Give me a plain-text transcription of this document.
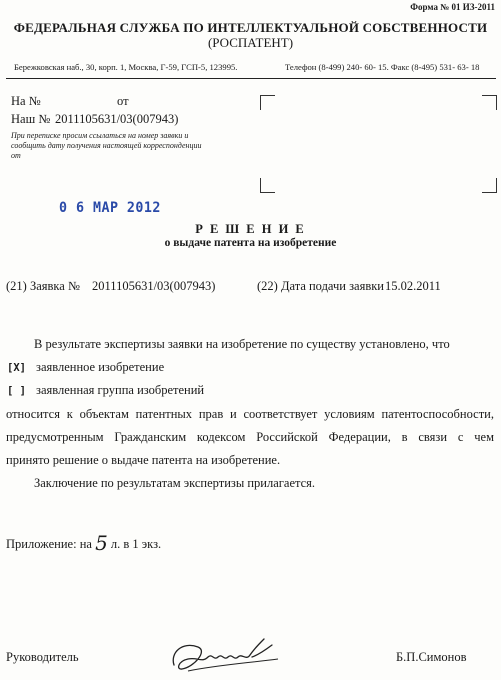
Форма № 01 ИЗ-2011
ФЕДЕРАЛЬНАЯ СЛУЖБА ПО ИНТЕЛЛЕКТУАЛЬНОЙ СОБСТВЕННОСТИ
(РОСПАТЕНТ)
Бережковская наб., 30, корп. 1, Москва, Г-59, ГСП-5, 123995.	Телефон (8-499) 240- 60- 15. Факс (8-495) 531- 63- 18
На №	от
Наш № 2011105631/03(007943)
При переписке просим ссылаться на номер заявки и сообщить дату получения настоящей корреспонденции от
0 6 MAP 2012
Р Е Ш Е Н И Е
о выдаче патента на изобретение
(21) Заявка № 2011105631/03(007943)	(22) Дата подачи заявки 15.02.2011
В результате экспертизы заявки на изобретение по существу установлено, что
[X] заявленное изобретение
[ ] заявленная группа изобретений
относится к объектам патентных прав и соответствует условиям патентоспособности,
предусмотренным Гражданским кодексом Российской Федерации, в связи с чем
принято решение о выдаче патента на изобретение.
Заключение по результатам экспертизы прилагается.
Приложение: на 5 л. в 1 экз.
Руководитель	Б.П.Симонов
